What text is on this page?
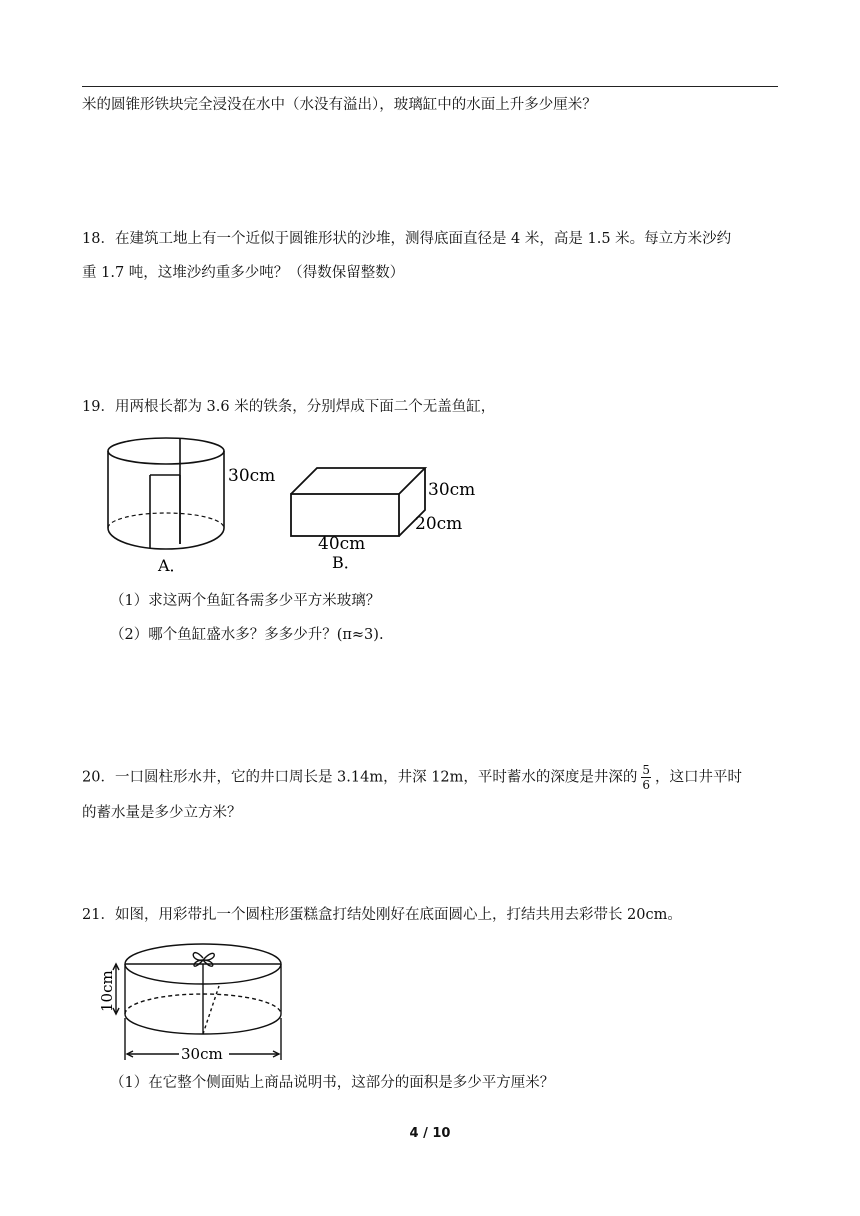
米的圆锥形铁块完全浸没在水中（水没有溢出），玻璃缸中的水面上升多少厘米？
18．在建筑工地上有一个近似于圆锥形状的沙堆，测得底面直径是 4 米，高是 1.5 米。每立方米沙约
重 1.7 吨，这堆沙约重多少吨？（得数保留整数）
19．用两根长都为 3.6 米的铁条，分别焊成下面二个无盖鱼缸，
30cm
A．
30cm
20cm
40cm
B．
（1）求这两个鱼缸各需多少平方米玻璃？
（2）哪个鱼缸盛水多？多多少升？(π≈3).
20．一口圆柱形水井，它的井口周长是 3.14m，井深 12m，平时蓄水的深度是井深的 $\frac{5}{6}$ ，这口井平时
的蓄水量是多少立方米？
21．如图，用彩带扎一个圆柱形蛋糕盒打结处刚好在底面圆心上，打结共用去彩带长 20cm。
10cm
30cm
（1）在它整个侧面贴上商品说明书，这部分的面积是多少平方厘米？
4 / 10
